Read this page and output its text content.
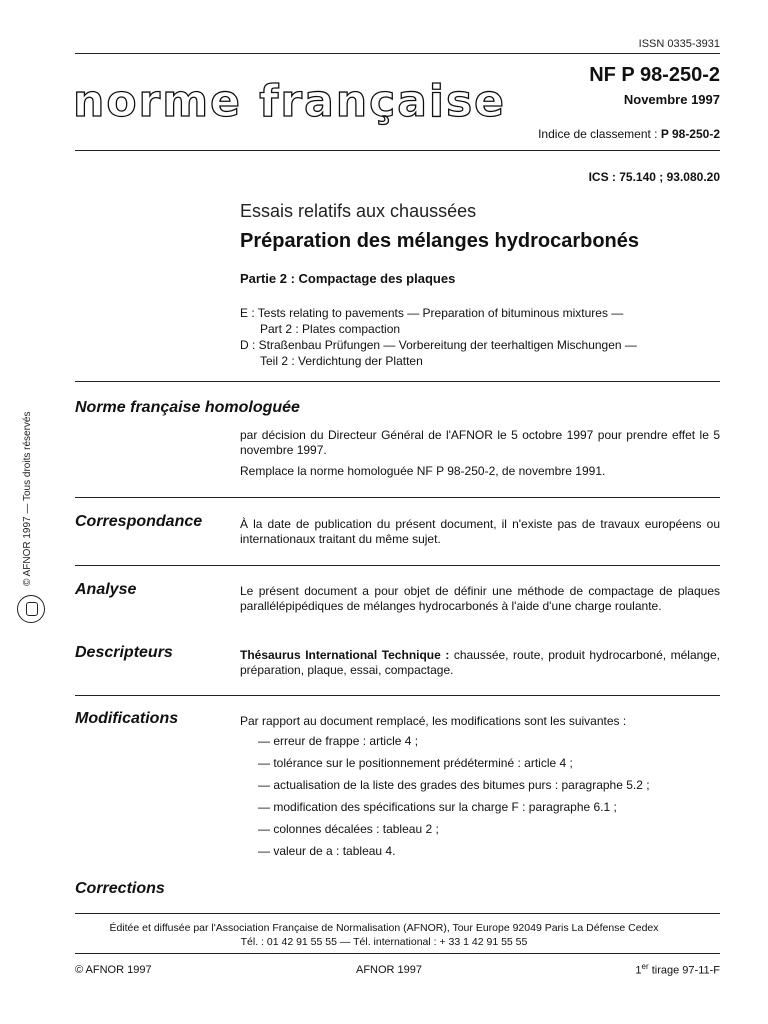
ISSN 0335-3931
norme française
NF P 98-250-2
Novembre 1997
Indice de classement : P 98-250-2
ICS : 75.140 ; 93.080.20
Essais relatifs aux chaussées
Préparation des mélanges hydrocarbonés
Partie 2 : Compactage des plaques
E : Tests relating to pavements — Preparation of bituminous mixtures —
Part 2 : Plates compaction
D : Straßenbau Prüfungen — Vorbereitung der teerhaltigen Mischungen —
Teil 2 : Verdichtung der Platten
© AFNOR 1997 — Tous droits réservés
Norme française homologuée

par décision du Directeur Général de l'AFNOR le 5 octobre 1997 pour prendre effet le 5 novembre 1997.

Remplace la norme homologuée NF P 98-250-2, de novembre 1991.

Correspondance	À la date de publication du présent document, il n'existe pas de travaux européens ou internationaux traitant du même sujet.
Analyse	Le présent document a pour objet de définir une méthode de compactage de plaques parallélépipédiques de mélanges hydrocarbonés à l'aide d'une charge roulante.
Descripteurs	Thésaurus International Technique : chaussée, route, produit hydrocarboné, mélange, préparation, plaque, essai, compactage.
Modifications	Par rapport au document remplacé, les modifications sont les suivantes :
— erreur de frappe : article 4 ;
— tolérance sur le positionnement prédéterminé : article 4 ;
— actualisation de la liste des grades des bitumes purs : paragraphe 5.2 ;
— modification des spécifications sur la charge F : paragraphe 6.1 ;
— colonnes décalées : tableau 2 ;
— valeur de a : tableau 4.
Corrections
Éditée et diffusée par l'Association Française de Normalisation (AFNOR), Tour Europe 92049 Paris La Défense Cedex
Tél. : 01 42 91 55 55 — Tél. international : + 33 1 42 91 55 55
© AFNOR 1997	AFNOR 1997	1er tirage 97-11-F
